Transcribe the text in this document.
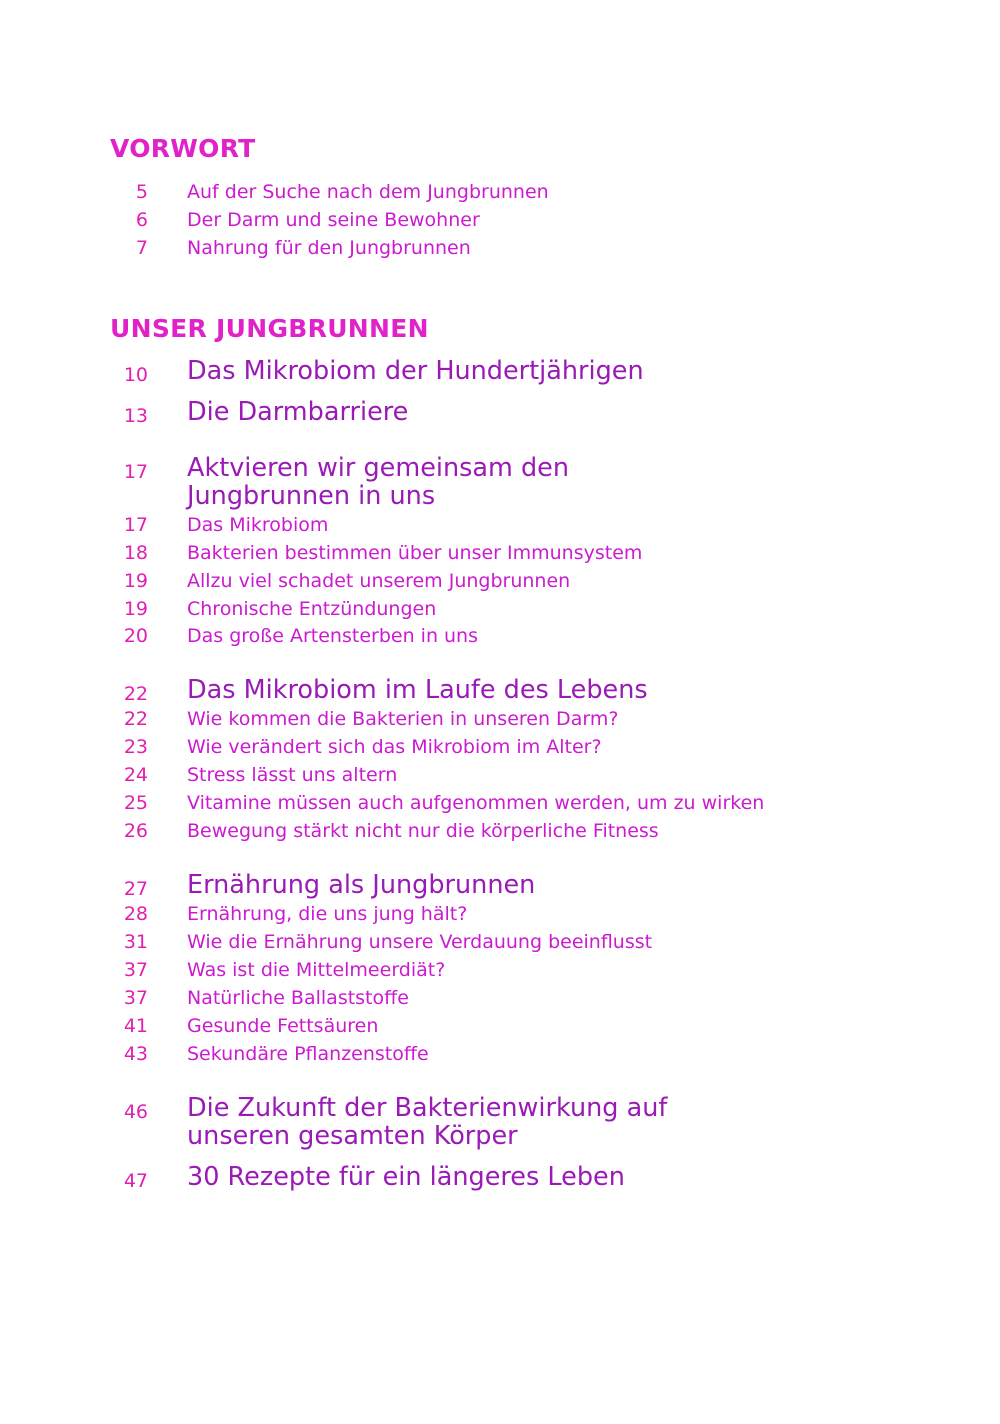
VORWORT
UNSER JUNGBRUNNEN
5 Auf der Suche nach dem Jungbrunnen
6 Der Darm und seine Bewohner
7 Nahrung für den Jungbrunnen
10 Das Mikrobiom der Hundertjährigen
13 Die Darmbarriere
17 Aktvieren wir gemeinsam den
Jungbrunnen in uns
17 Das Mikrobiom
18 Bakterien bestimmen über unser Immunsystem
19 Allzu viel schadet unserem Jungbrunnen
19 Chronische Entzündungen
20 Das große Artensterben in uns
22 Das Mikrobiom im Laufe des Lebens
22 Wie kommen die Bakterien in unseren Darm?
23 Wie verändert sich das Mikrobiom im Alter?
24 Stress lässt uns altern
25 Vitamine müssen auch aufgenommen werden, um zu wirken
26 Bewegung stärkt nicht nur die körperliche Fitness
27 Ernährung als Jungbrunnen
28 Ernährung, die uns jung hält?
31 Wie die Ernährung unsere Verdauung beeinflusst
37 Was ist die Mittelmeerdiät?
37 Natürliche Ballaststoffe
41 Gesunde Fettsäuren
43 Sekundäre Pflanzenstoffe
46 Die Zukunft der Bakterienwirkung auf
unseren gesamten Körper
47 30 Rezepte für ein längeres Leben
